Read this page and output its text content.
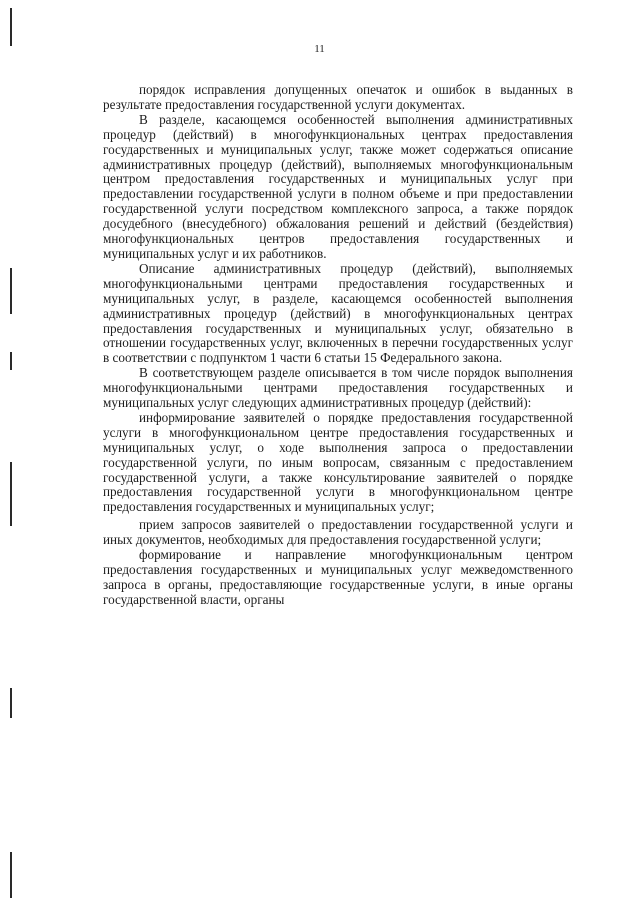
11

порядок исправления допущенных опечаток и ошибок в выданных в результате предоставления государственной услуги документах.

В разделе, касающемся особенностей выполнения административных процедур (действий) в многофункциональных центрах предоставления государственных и муниципальных услуг, также может содержаться описание административных процедур (действий), выполняемых многофункциональным центром предоставления государственных и муниципальных услуг при предоставлении государственной услуги в полном объеме и при предоставлении государственной услуги посредством комплексного запроса, а также порядок досудебного (внесудебного) обжалования решений и действий (бездействия) многофункциональных центров предоставления государственных и муниципальных услуг и их работников.

Описание административных процедур (действий), выполняемых многофункциональными центрами предоставления государственных и муниципальных услуг, в разделе, касающемся особенностей выполнения административных процедур (действий) в многофункциональных центрах предоставления государственных и муниципальных услуг, обязательно в отношении государственных услуг, включенных в перечни государственных услуг в соответствии с подпунктом 1 части 6 статьи 15 Федерального закона.

В соответствующем разделе описывается в том числе порядок выполнения многофункциональными центрами предоставления государственных и муниципальных услуг следующих административных процедур (действий):

информирование заявителей о порядке предоставления государственной услуги в многофункциональном центре предоставления государственных и муниципальных услуг, о ходе выполнения запроса о предоставлении государственной услуги, по иным вопросам, связанным с предоставлением государственной услуги, а также консультирование заявителей о порядке предоставления государственной услуги в многофункциональном центре предоставления государственных и муниципальных услуг;

прием запросов заявителей о предоставлении государственной услуги и иных документов, необходимых для предоставления государственной услуги;

формирование и направление многофункциональным центром предоставления государственных и муниципальных услуг межведомственного запроса в органы, предоставляющие государственные услуги, в иные органы государственной власти, органы
